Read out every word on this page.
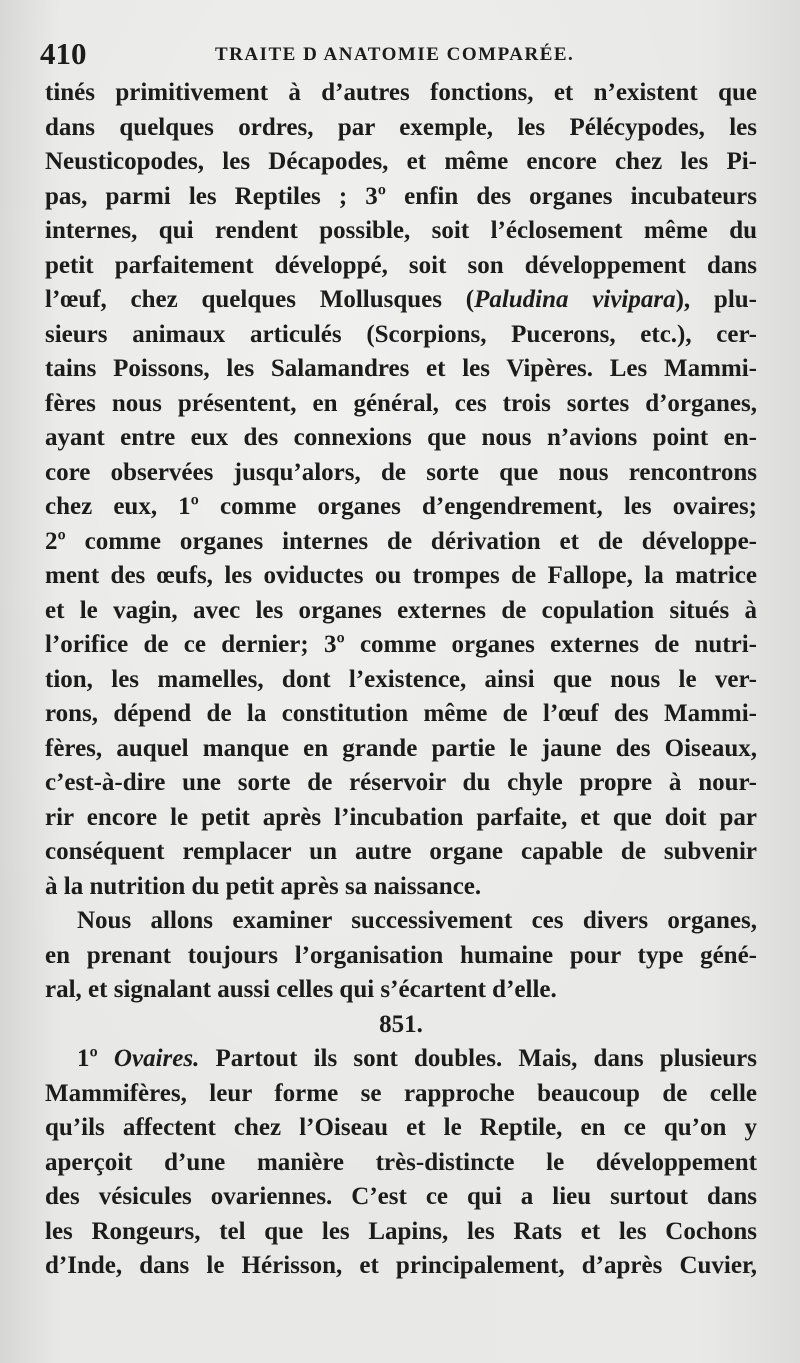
410	TRAITE D ANATOMIE COMPARÉE.
tinés primitivement à d’autres fonctions, et n’existent que
dans quelques ordres, par exemple, les Pélécypodes, les
Neusticopodes, les Décapodes, et même encore chez les Pi-
pas, parmi les Reptiles ; 3º enfin des organes incubateurs
internes, qui rendent possible, soit l’éclosement même du
petit parfaitement développé, soit son développement dans
l’œuf, chez quelques Mollusques (Paludina vivipara), plu-
sieurs animaux articulés (Scorpions, Pucerons, etc.), cer-
tains Poissons, les Salamandres et les Vipères. Les Mammi-
fères nous présentent, en général, ces trois sortes d’organes,
ayant entre eux des connexions que nous n’avions point en-
core observées jusqu’alors, de sorte que nous rencontrons
chez eux, 1º comme organes d’engendrement, les ovaires;
2º comme organes internes de dérivation et de développe-
ment des œufs, les oviductes ou trompes de Fallope, la matrice
et le vagin, avec les organes externes de copulation situés à
l’orifice de ce dernier; 3º comme organes externes de nutri-
tion, les mamelles, dont l’existence, ainsi que nous le ver-
rons, dépend de la constitution même de l’œuf des Mammi-
fères, auquel manque en grande partie le jaune des Oiseaux,
c’est-à-dire une sorte de réservoir du chyle propre à nour-
rir encore le petit après l’incubation parfaite, et que doit par
conséquent remplacer un autre organe capable de subvenir
à la nutrition du petit après sa naissance.
Nous allons examiner successivement ces divers organes,
en prenant toujours l’organisation humaine pour type géné-
ral, et signalant aussi celles qui s’écartent d’elle.
851.
1º Ovaires. Partout ils sont doubles. Mais, dans plusieurs
Mammifères, leur forme se rapproche beaucoup de celle
qu’ils affectent chez l’Oiseau et le Reptile, en ce qu’on y
aperçoit d’une manière très-distincte le développement
des vésicules ovariennes. C’est ce qui a lieu surtout dans
les Rongeurs, tel que les Lapins, les Rats et les Cochons
d’Inde, dans le Hérisson, et principalement, d’après Cuvier,
